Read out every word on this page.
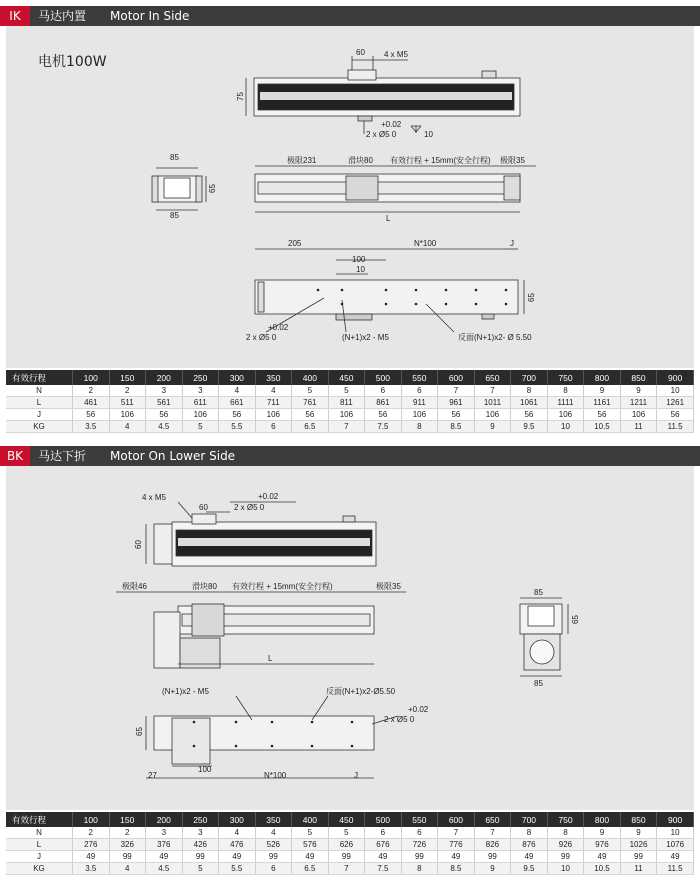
IK	马达内置 Motor In Side
电机100W
60 4 x M5
75
+0.02
2 x Ø5 0	10
85
65
85
极限231	滑块80 有效行程 + 15mm(安全行程) 极限35
L
205	N*100	J
100
10
65
+0.02
2 x Ø5 0	(N+1)x2 - M5	反面(N+1)x2- Ø 5.50
有效行程	100	150	200	250	300	350	400	450	500	550	600	650	700	750	800	850	900
N	2	2	3	3	4	4	5	5	6	6	7	7	8	8	9	9	10
L	461	511	561	611	661	711	761	811	861	911	961	1011	1061	1111	1161	1211	1261
J	56	106	56	106	56	106	56	106	56	106	56	106	56	106	56	106	56
KG	3.5	4	4.5	5	5.5	6	6.5	7	7.5	8	8.5	9	9.5	10	10.5	11	11.5
BK	马达下折 Motor On Lower Side
4 x M5	+0.02
60	2 x Ø5 0
60
极限46	滑块80 有效行程 + 15mm(安全行程)	极限35
L
(N+1)x2 - M5	反面(N+1)x2-Ø5.50
+0.02
2 x Ø5 0
65
100
27	N*100	J
85
65
85
有效行程	100	150	200	250	300	350	400	450	500	550	600	650	700	750	800	850	900
N	2	2	3	3	4	4	5	5	6	6	7	7	8	8	9	9	10
L	276	326	376	426	476	526	576	626	676	726	776	826	876	926	976	1026	1076
J	49	99	49	99	49	99	49	99	49	99	49	99	49	99	49	99	49
KG	3.5	4	4.5	5	5.5	6	6.5	7	7.5	8	8.5	9	9.5	10	10.5	11	11.5
